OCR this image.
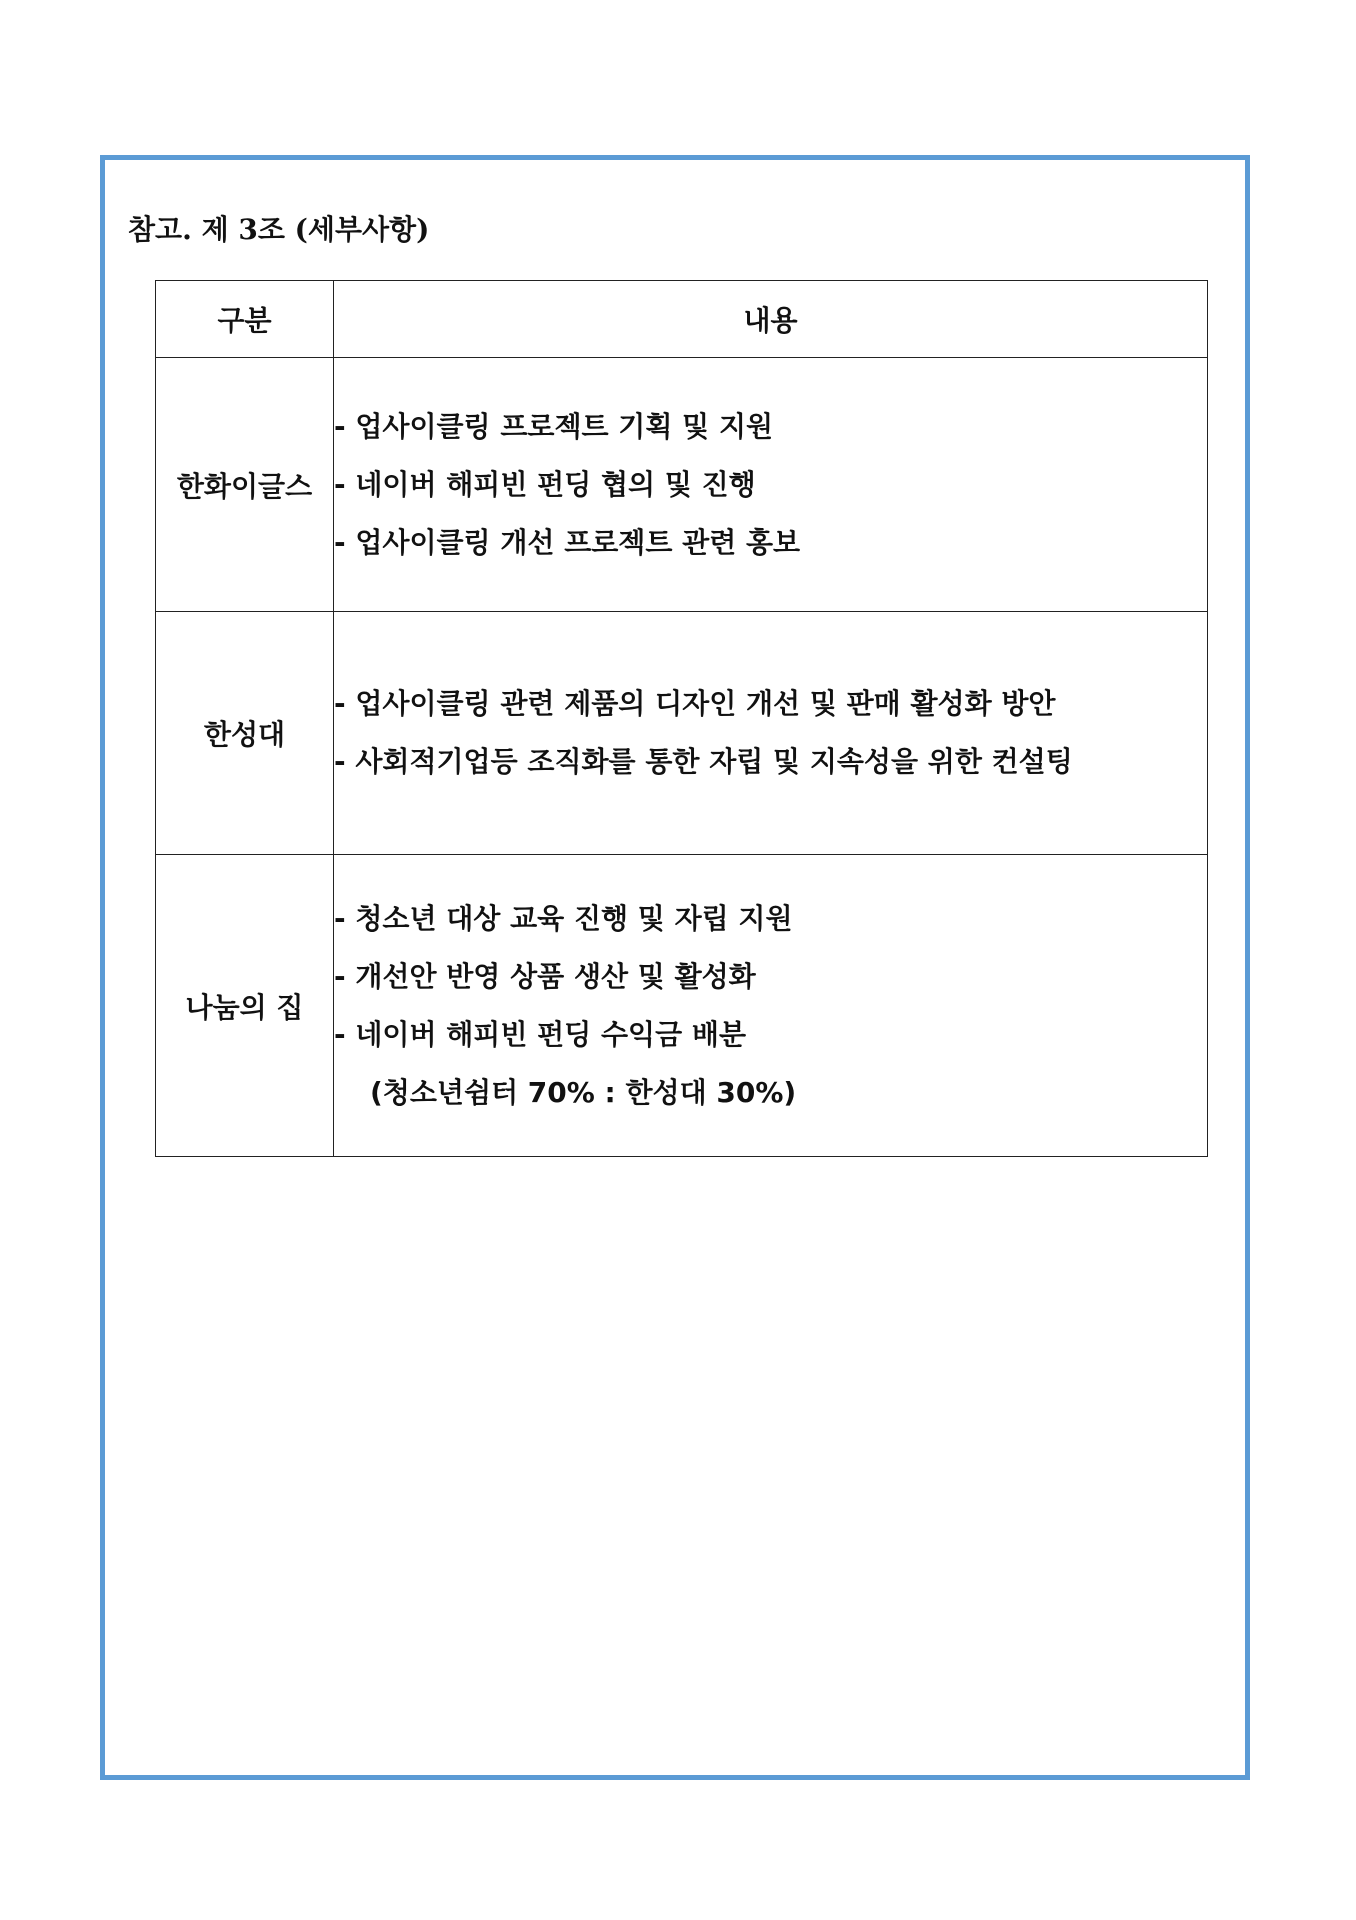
참고. 제 3조 (세부사항)
구분	내용
한화이글스	- 업사이클링 프로젝트 기획 및 지원
- 네이버 해피빈 펀딩 협의 및 진행
- 업사이클링 개선 프로젝트 관련 홍보

한성대	- 업사이클링 관련 제품의 디자인 개선 및 판매 활성화 방안
- 사회적기업등 조직화를 통한 자립 및 지속성을 위한 컨설팅

나눔의 집	- 청소년 대상 교육 진행 및 자립 지원
- 개선안 반영 상품 생산 및 활성화
- 네이버 해피빈 펀딩 수익금 배분
(청소년쉼터 70% : 한성대 30%)
